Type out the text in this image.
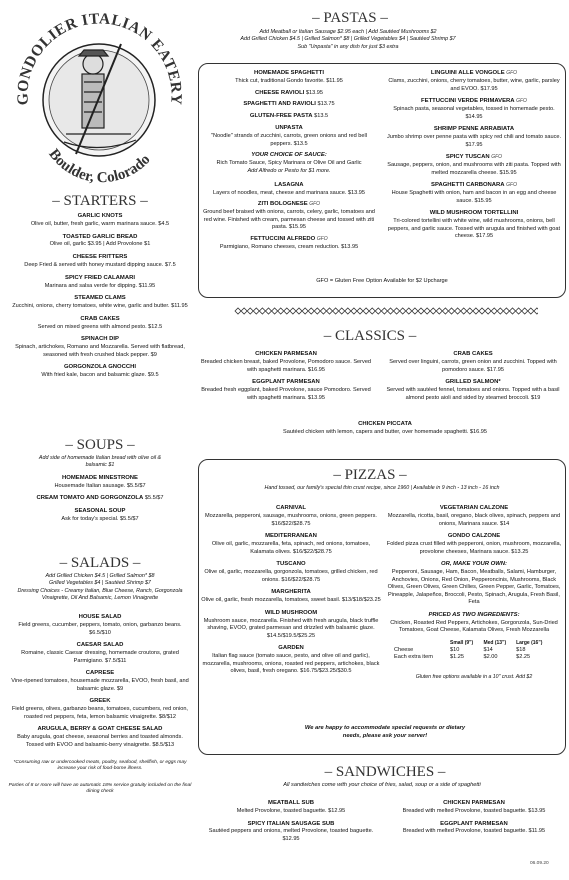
GONDOLIER ITALIAN EATERY
Boulder, Colorado
– PASTAS –
Add Meatball or Italian Sausage $2.95 each | Add Sautéed Mushrooms $2
Add Grilled Chicken $4.5 | Grilled Salmon* $8 | Grilled Vegetables $4 | Sautéed Shrimp $7
Sub "Unpasta" in any dish for just $3 extra
HOMEMADE SPAGHETTI
Thick cut, traditional Gondo favorite. $11.95
CHEESE RAVIOLI $13.95
SPAGHETTI AND RAVIOLI $13.75
GLUTEN-FREE PASTA $13.5
UNPASTA
"Noodle" strands of zucchini, carrots, green onions and red bell peppers. $13.5
YOUR CHOICE OF SAUCE:
Rich Tomato Sauce, Spicy Marinara or Olive Oil and Garlic
Add Alfredo or Pesto for $1 more.
LASAGNA
Layers of noodles, meat, cheese and marinara sauce. $13.95
ZITI BOLOGNESE GFO
Ground beef braised with onions, carrots, celery, garlic, tomatoes and red wine. Finished with cream, parmesan cheese and tossed with ziti pasta. $15.95
FETTUCCINI ALFREDO GFO
Parmigiano, Romano cheeses, cream reduction. $13.95
LINGUINI ALLE VONGOLE GFO
Clams, zucchini, onions, cherry tomatoes, butter, wine, garlic, parsley and EVOO. $17.95
FETTUCCINI VERDE PRIMAVERA GFO
Spinach pasta, seasonal vegetables, tossed in homemade pesto. $14.95
SHRIMP PENNE ARRABIATA
Jumbo shrimp over penne pasta with spicy red chili and tomato sauce. $17.95
SPICY TUSCAN GFO
Sausage, peppers, onion, and mushrooms with ziti pasta. Topped with melted mozzarella cheese. $15.95
SPAGHETTI CARBONARA GFO
House Spaghetti with onion, ham and bacon in an egg and cheese sauce. $15.95
WILD MUSHROOM TORTELLINI
Tri-colored tortellini with white wine, wild mushrooms, onions, bell peppers, and garlic sauce. Tossed with arugula and finished with goat cheese. $17.95
GFO = Gluten Free Option Available for $2 Upcharge
– CLASSICS –
CHICKEN PARMESAN
Breaded chicken breast, baked Provolone, Pomodoro sauce. Served with spaghetti marinara. $16.95
EGGPLANT PARMESAN
Breaded fresh eggplant, baked Provolone, sauce Pomodoro. Served with spaghetti marinara. $13.95
CRAB CAKES
Served over linguini, carrots, green onion and zucchini. Topped with pomodoro sauce. $17.95
GRILLED SALMON*
Served with sautéed fennel, tomatoes and onions. Topped with a basil almond pesto aioli and sided by steamed broccoli. $19
CHICKEN PICCATA
Sautéed chicken with lemon, capers and butter, over homemade spaghetti. $16.95
– STARTERS –
GARLIC KNOTS
Olive oil, butter, fresh garlic, warm marinara sauce. $4.5
TOASTED GARLIC BREAD
Olive oil, garlic $3.95 | Add Provolone $1
CHEESE FRITTERS
Deep Fried & served with honey mustard dipping sauce. $7.5
SPICY FRIED CALAMARI
Marinara and salsa verde for dipping. $11.95
STEAMED CLAMS
Zucchini, onions, cherry tomatoes, white wine, garlic and butter. $11.95
CRAB CAKES
Served on mixed greens with almond pesto. $12.5
SPINACH DIP
Spinach, artichokes, Romano and Mozzarella. Served with flatbread, seasoned with fresh crushed black pepper. $9
GORGONZOLA GNOCCHI
With fried kale, bacon and balsamic glaze. $9.5
– SOUPS –
Add side of homemade Italian bread with olive oil & balsamic $1
HOMEMADE MINESTRONE
Housemade Italian sausage. $5.5/$7
CREAM TOMATO AND GORGONZOLA $5.5/$7
SEASONAL SOUP
Ask for today's special. $5.5/$7
– SALADS –
Add Grilled Chicken $4.5 | Grilled Salmon* $8
Grilled Vegetables $4 | Sautéed Shrimp $7
Dressing Choices - Creamy Italian, Blue Cheese, Ranch, Gorgonzola Vinaigrette, Oil And Balsamic, Lemon Vinaigrette
HOUSE SALAD
Field greens, cucumber, peppers, tomato, onion, garbanzo beans. $6.5/$10
CAESAR SALAD
Romaine, classic Caesar dressing, homemade croutons, grated Parmigiano. $7.5/$11
CAPRESE
Vine-ripened tomatoes, housemade mozzarella, EVOO, fresh basil, and balsamic glaze. $9
GREEK
Field greens, olives, garbanzo beans, tomatoes, cucumbers, red onion, roasted red peppers, feta, lemon balsamic vinaigrette. $8/$12
ARUGULA, BERRY & GOAT CHEESE SALAD
Baby arugula, goat cheese, seasonal berries and toasted almonds. Tossed with EVOO and balsamic-berry vinaigrette. $8.5/$13
*Consuming raw or undercooked meats, poultry, seafood, shellfish, or eggs may increase your risk of food-borne illness.
Parties of 8 or more will have an automatic 18% service gratuity included on the final dining check
– PIZZAS –
Hand tossed, our family's special thin crust recipe, since 1960 | Available in 9 inch - 13 inch - 16 inch
CARNIVAL
Mozzarella, pepperoni, sausage, mushrooms, onions, green peppers. $16/$22/$28.75
MEDITERRANEAN
Olive oil, garlic, mozzarella, feta, spinach, red onions, tomatoes, Kalamata olives. $16/$22/$28.75
TUSCANO
Olive oil, garlic, mozzarella, gorgonzola, tomatoes, grilled chicken, red onions. $16/$22/$28.75
MARGHERITA
Olive oil, garlic, fresh mozzarella, tomatoes, sweet basil. $13/$18/$23.25
WILD MUSHROOM
Mushroom sauce, mozzarella. Finished with fresh arugula, black truffle shaving, EVOO, grated parmesan and drizzled with balsamic glaze. $14.5/$19.5/$25.25
GARDEN
Italian flag sauce (tomato sauce, pesto, and olive oil and garlic), mozzarella, mushrooms, onions, roasted red peppers, artichokes, black olives, basil, fresh oregano. $16.75/$23.25/$30.5
VEGETARIAN CALZONE
Mozzarella, ricotta, basil, oregano, black olives, spinach, peppers and onions, Marinara sauce. $14
GONDO CALZONE
Folded pizza crust filled with pepperoni, onion, mushroom, mozzarella, provolone cheeses, Marinara sauce. $13.25
OR, MAKE YOUR OWN:
Pepperoni, Sausage, Ham, Bacon, Meatballs, Salami, Hamburger, Anchovies, Onions, Red Onion, Pepperoncinis, Mushrooms, Black Olives, Green Olives, Green Chilies, Green Pepper, Garlic, Tomatoes, Pineapple, Jalapeños, Broccoli, Pesto, Spinach, Arugula, Fresh Basil, Feta
PRICED AS TWO INGREDIENTS:
Chicken, Roasted Red Peppers, Artichokes, Gorgonzola, Sun-Dried Tomatoes, Goat Cheese, Kalamata Olives, Fresh Mozzarella
	Small (9")	Med (13")	Large (16")
Cheese	$10	$14	$18
Each extra item	$1.25	$2.00	$2.25
Gluten free options available in a 10" crust. Add $2
We are happy to accommodate special requests or dietary needs, please ask your server!
– SANDWICHES –
All sandwiches come with your choice of fries, salad, soup or a side of spaghetti
MEATBALL SUB
Melted Provolone, toasted baguette. $12.95
SPICY ITALIAN SAUSAGE SUB
Sautéed peppers and onions, melted Provolone, toasted baguette. $12.95
CHICKEN PARMESAN
Breaded with melted Provolone, toasted baguette. $13.95
EGGPLANT PARMESAN
Breaded with melted Provolone, toasted baguette. $11.95
06.09.20
